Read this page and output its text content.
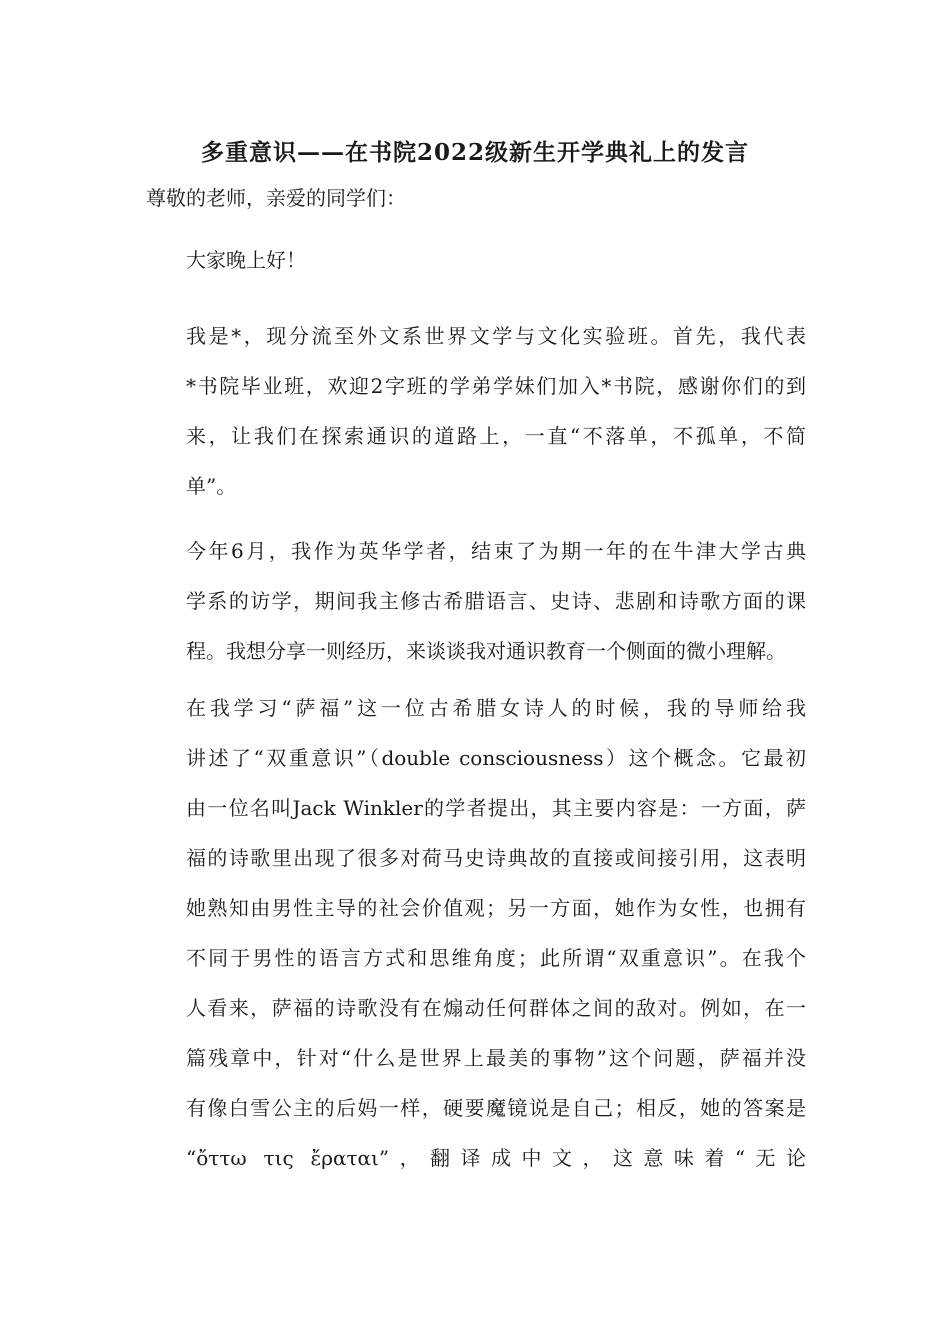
多重意识——在书院2022级新生开学典礼上的发言
尊敬的老师，亲爱的同学们：
大家晚上好！
我是*，现分流至外文系世界文学与文化实验班。首先，我代表
*书院毕业班，欢迎2字班的学弟学妹们加入*书院，感谢你们的到
来，让我们在探索通识的道路上，一直“不落单，不孤单，不简
单”。
今年6月，我作为英华学者，结束了为期一年的在牛津大学古典
学系的访学，期间我主修古希腊语言、史诗、悲剧和诗歌方面的课
程。我想分享一则经历，来谈谈我对通识教育一个侧面的微小理解。
在我学习“萨福”这一位古希腊女诗人的时候，我的导师给我
讲述了“双重意识”（double consciousness）这个概念。它最初
由一位名叫Jack Winkler的学者提出，其主要内容是：一方面，萨
福的诗歌里出现了很多对荷马史诗典故的直接或间接引用，这表明
她熟知由男性主导的社会价值观；另一方面，她作为女性，也拥有
不同于男性的语言方式和思维角度；此所谓“双重意识”。在我个
人看来，萨福的诗歌没有在煽动任何群体之间的敌对。例如，在一
篇残章中，针对“什么是世界上最美的事物”这个问题，萨福并没
有像白雪公主的后妈一样，硬要魔镜说是自己；相反，她的答案是
“ὄττω τις ἔραται”，翻译成中文，这意味着“无论
